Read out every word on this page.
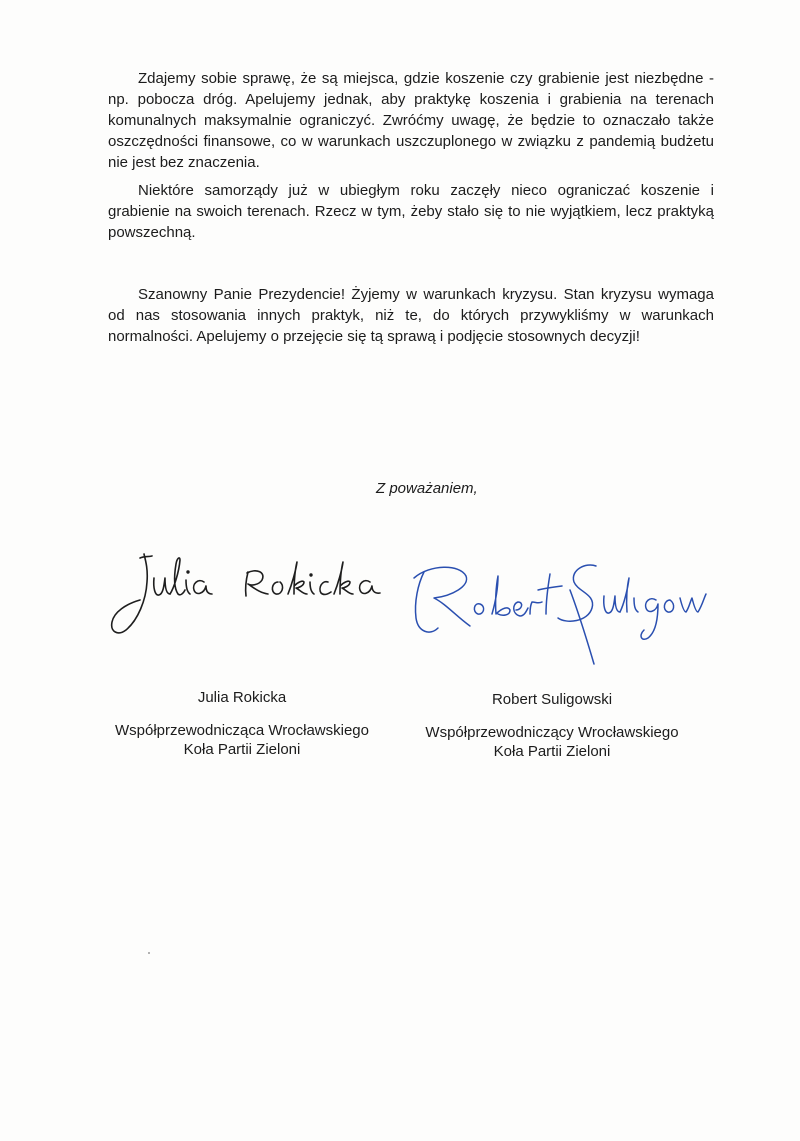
Zdajemy sobie sprawę, że są miejsca, gdzie koszenie czy grabienie jest niezbędne - np. pobocza dróg. Apelujemy jednak, aby praktykę koszenia i grabienia na terenach komunalnych maksymalnie ograniczyć. Zwróćmy uwagę, że będzie to oznaczało także oszczędności finansowe, co w warunkach uszczuplonego w związku z pandemią budżetu nie jest bez znaczenia.

Niektóre samorządy już w ubiegłym roku zaczęły nieco ograniczać koszenie i grabienie na swoich terenach. Rzecz w tym, żeby stało się to nie wyjątkiem, lecz praktyką powszechną.

Szanowny Panie Prezydencie! Żyjemy w warunkach kryzysu. Stan kryzysu wymaga od nas stosowania innych praktyk, niż te, do których przywykliśmy w warunkach normalności. Apelujemy o przejęcie się tą sprawą i podjęcie stosownych decyzji!

Z poważaniem,

Julia Rokicka
Współprzewodnicząca Wrocławskiego
Koła Partii Zieloni
Robert Suligowski
Współprzewodniczący Wrocławskiego
Koła Partii Zieloni
